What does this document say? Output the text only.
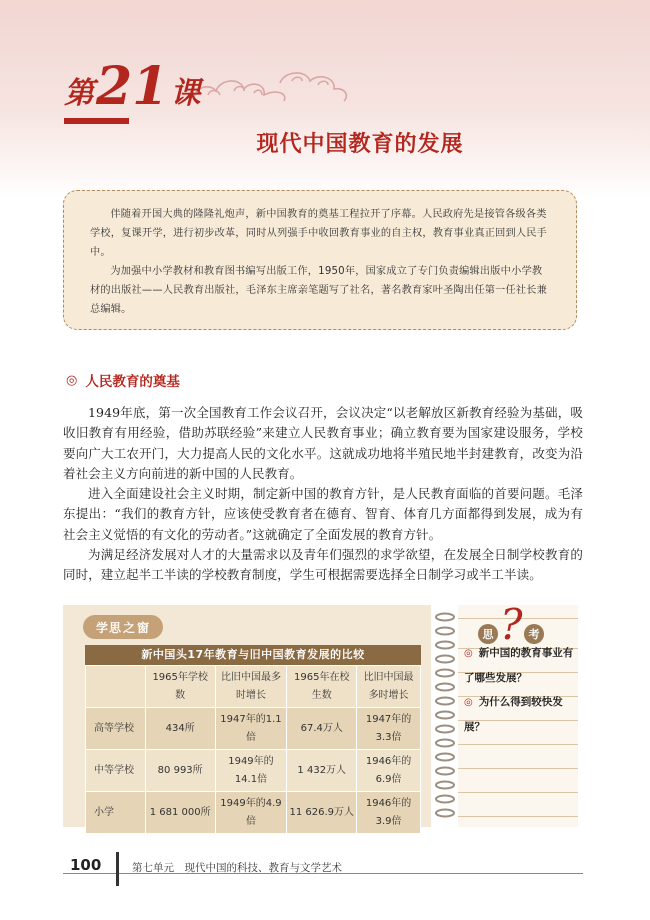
第 21 课
现代中国教育的发展

伴随着开国大典的隆隆礼炮声，新中国教育的奠基工程拉开了序幕。人民政府先是接管各级各类学校，复课开学，进行初步改革，同时从列强手中收回教育事业的自主权，教育事业真正回到人民手中。

为加强中小学教材和教育图书编写出版工作，1950年，国家成立了专门负责编辑出版中小学教材的出版社——人民教育出版社，毛泽东主席亲笔题写了社名，著名教育家叶圣陶出任第一任社长兼总编辑。

◎ 人民教育的奠基

1949年底，第一次全国教育工作会议召开，会议决定“以老解放区新教育经验为基础，吸收旧教育有用经验，借助苏联经验”来建立人民教育事业；确立教育要为国家建设服务，学校要向广大工农开门，大力提高人民的文化水平。这就成功地将半殖民地半封建教育，改变为沿着社会主义方向前进的新中国的人民教育。

进入全面建设社会主义时期，制定新中国的教育方针，是人民教育面临的首要问题。毛泽东提出：“我们的教育方针，应该使受教育者在德育、智育、体育几方面都得到发展，成为有社会主义觉悟的有文化的劳动者。”这就确定了全面发展的教育方针。

为满足经济发展对人才的大量需求以及青年们强烈的求学欲望，在发展全日制学校教育的同时，建立起半工半读的学校教育制度，学生可根据需要选择全日制学习或半工半读。

学思 之 窗
新中国头17年教育与旧中国教育发展的比较
	1965年学校数	比旧中国最多时增长	1965年在校生数	比旧中国最多时增长
高等学校	434所	1947年的1.1倍	67.4万人	1947年的3.3倍
中等学校	80 993所	1949年的14.1倍	1 432万人	1946年的6.9倍
小学	1 681 000所	1949年的4.9倍	11 626.9万人	1946年的3.9倍
?
思	考
◎ 新中国的教育事业有了哪些发展？
◎ 为什么得到较快发展？
100	第七单元　现代中国的科技、教育与文学艺术
